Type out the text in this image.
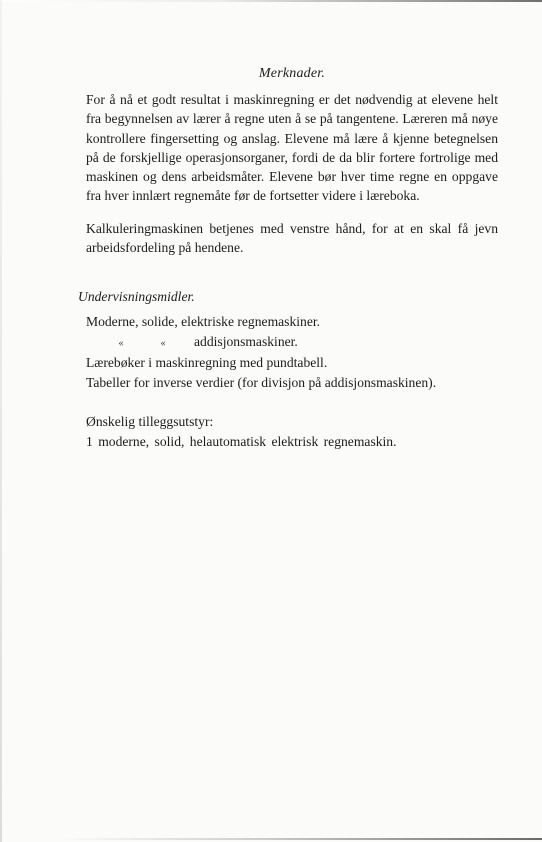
Merknader.

For å nå et godt resultat i maskinregning er det nødvendig at elevene helt fra begynnelsen av lærer å regne uten å se på tangentene. Læreren må nøye kontrollere fingersetting og anslag. Elevene må lære å kjenne betegnelsen på de forskjellige operasjonsorganer, fordi de da blir fortere fortrolige med maskinen og dens arbeidsmåter. Elevene bør hver time regne en oppgave fra hver innlært regnemåte før de fortsetter videre i læreboka.

Kalkuleringmaskinen betjenes med venstre hånd, for at en skal få jevn arbeidsfordeling på hendene.

Undervisningsmidler.
Moderne, solide, elektriske regnemaskiner.
«	«	addisjonsmaskiner.
Lærebøker i maskinregning med pundtabell.
Tabeller for inverse verdier (for divisjon på addisjonsmaskinen).
Ønskelig tilleggsutstyr:
1 moderne, solid, helautomatisk elektrisk regnemaskin.
